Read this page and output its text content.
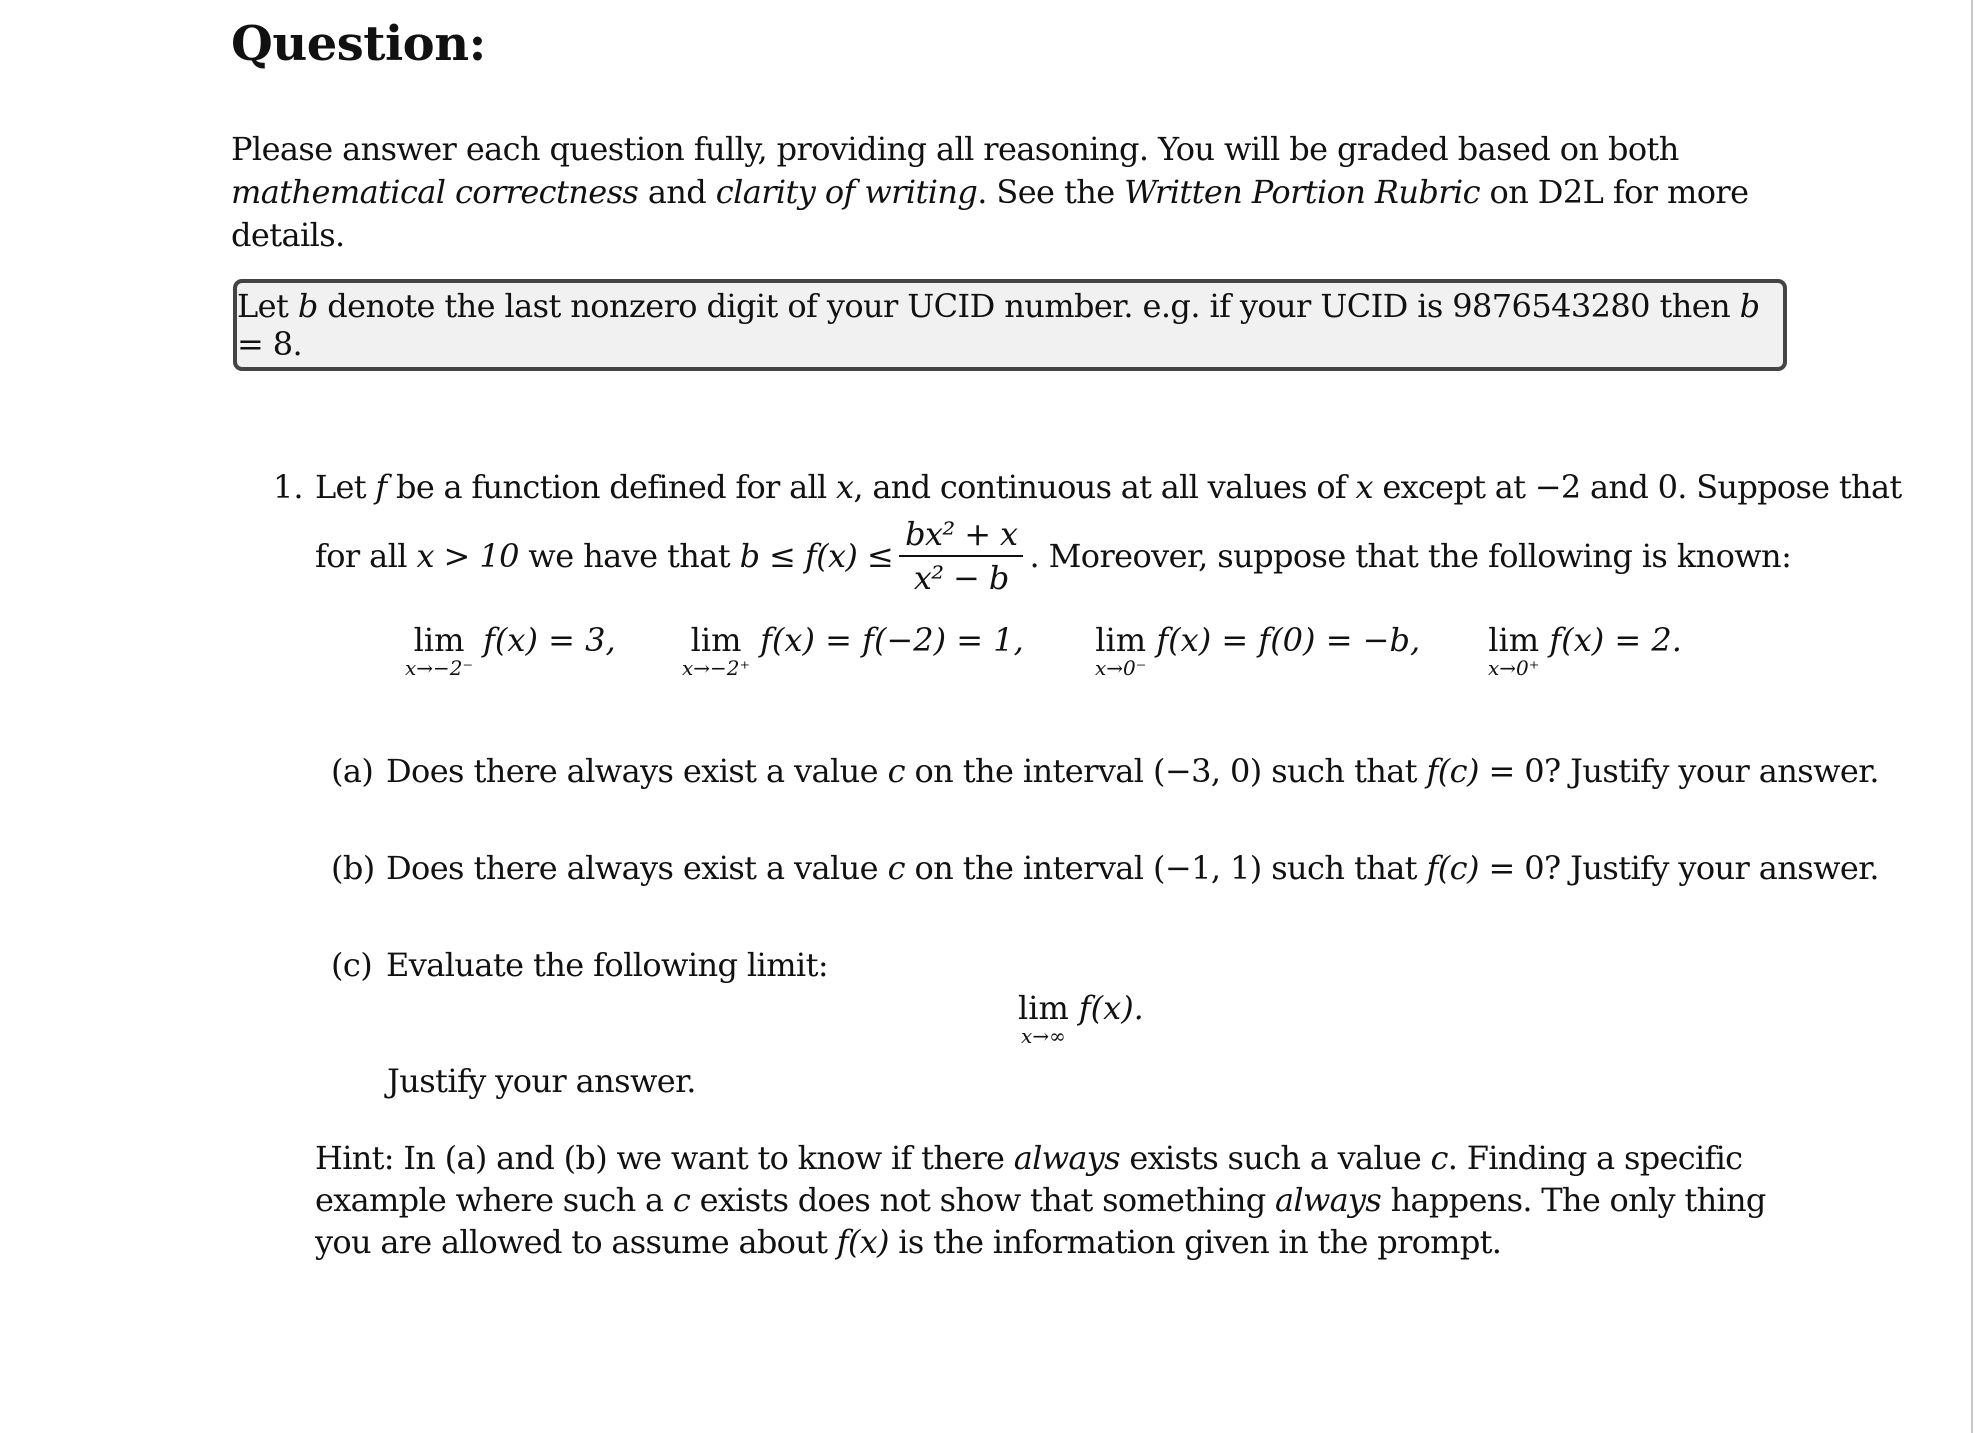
Question:
Please answer each question fully, providing all reasoning. You will be graded based on both mathematical correctness and clarity of writing. See the Written Portion Rubric on D2L for more details.
Let b denote the last nonzero digit of your UCID number. e.g. if your UCID is 9876543280 then b = 8.
1. Let f be a function defined for all x, and continuous at all values of x except at −2 and 0. Suppose that
for all
x > 10
we have that
$b \le f(x) \le \frac{\text{bx² + x}}{\text{x² − b}}$ . Moreover, suppose that the following is known:
lim
x→−2⁻
f(x) = 3, lim
x→−2⁺
f(x) = f(−2) = 1, lim
x→0⁻
f(x) = f(0) = −b, lim
x→0⁺
f(x) = 2.
(a) Does there always exist a value c on the interval (−3, 0) such that f(c) = 0? Justify your answer.
(b) Does there always exist a value c on the interval (−1, 1) such that f(c) = 0? Justify your answer.
(c) Evaluate the following limit:
lim
x→∞
f(x).
Justify your answer.
Hint: In (a) and (b) we want to know if there always exists such a value c. Finding a specific example where such a c exists does not show that something always happens. The only thing you are allowed to assume about f(x) is the information given in the prompt.
